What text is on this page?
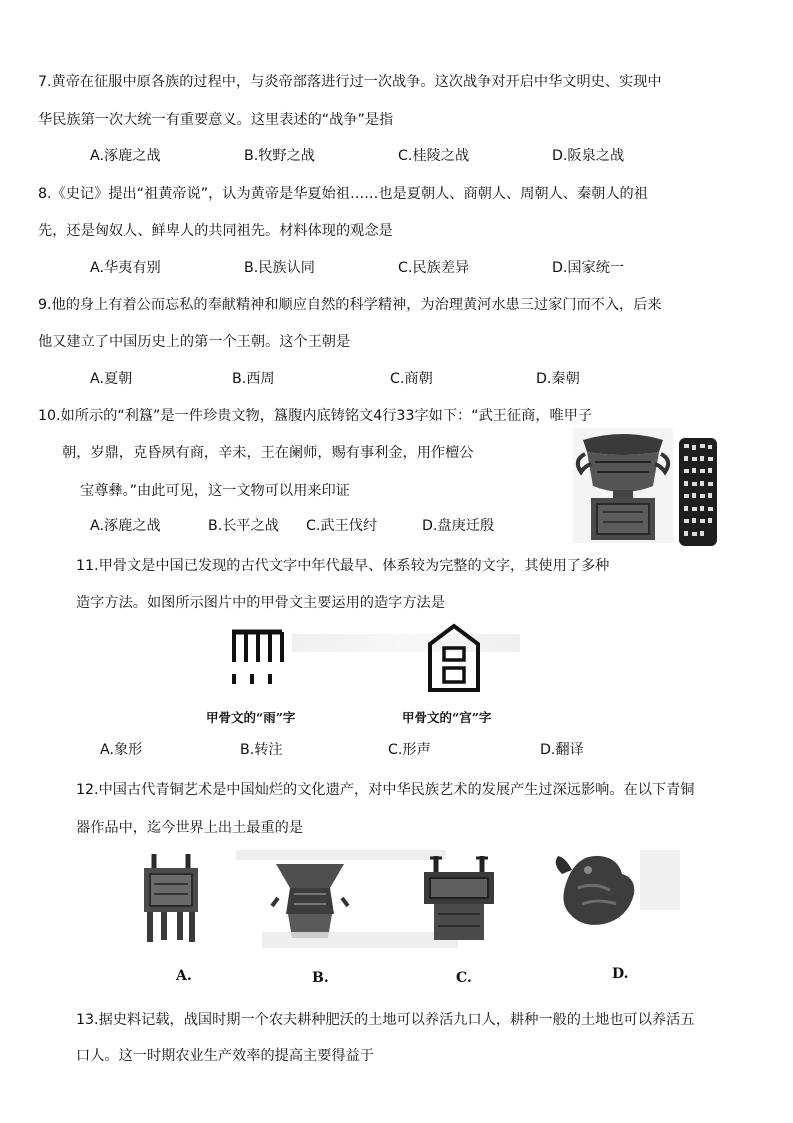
7.黄帝在征服中原各族的过程中，与炎帝部落进行过一次战争。这次战争对开启中华文明史、实现中
华民族第一次大统一有重要意义。这里表述的“战争”是指
A.涿鹿之战	B.牧野之战	C.桂陵之战	D.阪泉之战
8.《史记》提出“祖黄帝说”，认为黄帝是华夏始祖……也是夏朝人、商朝人、周朝人、秦朝人的祖
先，还是匈奴人、鲜卑人的共同祖先。材料体现的观念是
A.华夷有别	B.民族认同	C.民族差异	D.国家统一
9.他的身上有着公而忘私的奉献精神和顺应自然的科学精神，为治理黄河水患三过家门而不入，后来
他又建立了中国历史上的第一个王朝。这个王朝是
A.夏朝	B.西周	C.商朝	D.秦朝
10.如所示的“利簋”是一件珍贵文物，簋腹内底铸铭文4行33字如下：“武王征商，唯甲子
朝，岁鼎，克昏夙有商，辛未，王在阑师，赐有事利金，用作檀公
宝尊彝。”由此可见，这一文物可以用来印证
A.涿鹿之战	B.长平之战 C.武王伐纣	D.盘庚迁殷
11.甲骨文是中国已发现的古代文字中年代最早、体系较为完整的文字，其使用了多种
造字方法。如图所示图片中的甲骨文主要运用的造字方法是
甲骨文的“雨”字	甲骨文的“宫”字
A.象形	B.转注	C.形声	D.翻译
12.中国古代青铜艺术是中国灿烂的文化遗产，对中华民族艺术的发展产生过深远影响。在以下青铜
器作品中，迄今世界上出土最重的是
A.	B.	C.	D.
13.据史料记载，战国时期一个农夫耕种肥沃的土地可以养活九口人，耕种一般的土地也可以养活五
口人。这一时期农业生产效率的提高主要得益于
